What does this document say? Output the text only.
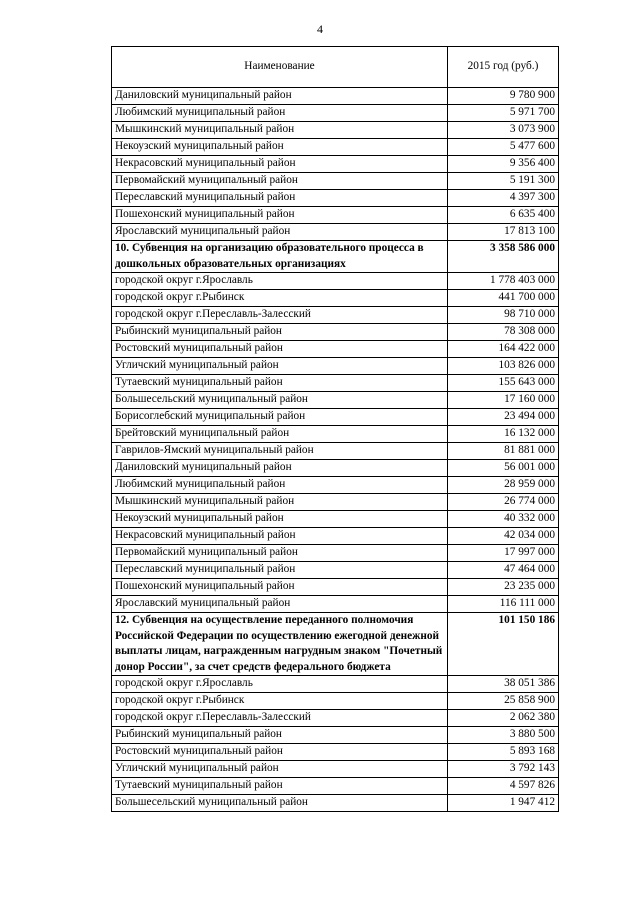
4
Наименование	2015 год (руб.)
Даниловский муниципальный район	9 780 900
Любимский муниципальный район	5 971 700
Мышкинский муниципальный район	3 073 900
Некоузский муниципальный район	5 477 600
Некрасовский муниципальный район	9 356 400
Первомайский муниципальный район	5 191 300
Переславский муниципальный район	4 397 300
Пошехонский муниципальный район	6 635 400
Ярославский муниципальный район	17 813 100
10. Субвенция на организацию образовательного процесса в дошкольных образовательных организациях	3 358 586 000
городской округ г.Ярославль	1 778 403 000
городской округ г.Рыбинск	441 700 000
городской округ г.Переславль-Залесский	98 710 000
Рыбинский муниципальный район	78 308 000
Ростовский муниципальный район	164 422 000
Угличский муниципальный район	103 826 000
Тутаевский муниципальный район	155 643 000
Большесельский муниципальный район	17 160 000
Борисоглебский муниципальный район	23 494 000
Брейтовский муниципальный район	16 132 000
Гаврилов-Ямский муниципальный район	81 881 000
Даниловский муниципальный район	56 001 000
Любимский муниципальный район	28 959 000
Мышкинский муниципальный район	26 774 000
Некоузский муниципальный район	40 332 000
Некрасовский муниципальный район	42 034 000
Первомайский муниципальный район	17 997 000
Переславский муниципальный район	47 464 000
Пошехонский муниципальный район	23 235 000
Ярославский муниципальный район	116 111 000
12. Субвенция на осуществление переданного полномочия Российской Федерации по осуществлению ежегодной денежной выплаты лицам, награжденным нагрудным знаком "Почетный донор России", за счет средств федерального бюджета	101 150 186
городской округ г.Ярославль	38 051 386
городской округ г.Рыбинск	25 858 900
городской округ г.Переславль-Залесский	2 062 380
Рыбинский муниципальный район	3 880 500
Ростовский муниципальный район	5 893 168
Угличский муниципальный район	3 792 143
Тутаевский муниципальный район	4 597 826
Большесельский муниципальный район	1 947 412
